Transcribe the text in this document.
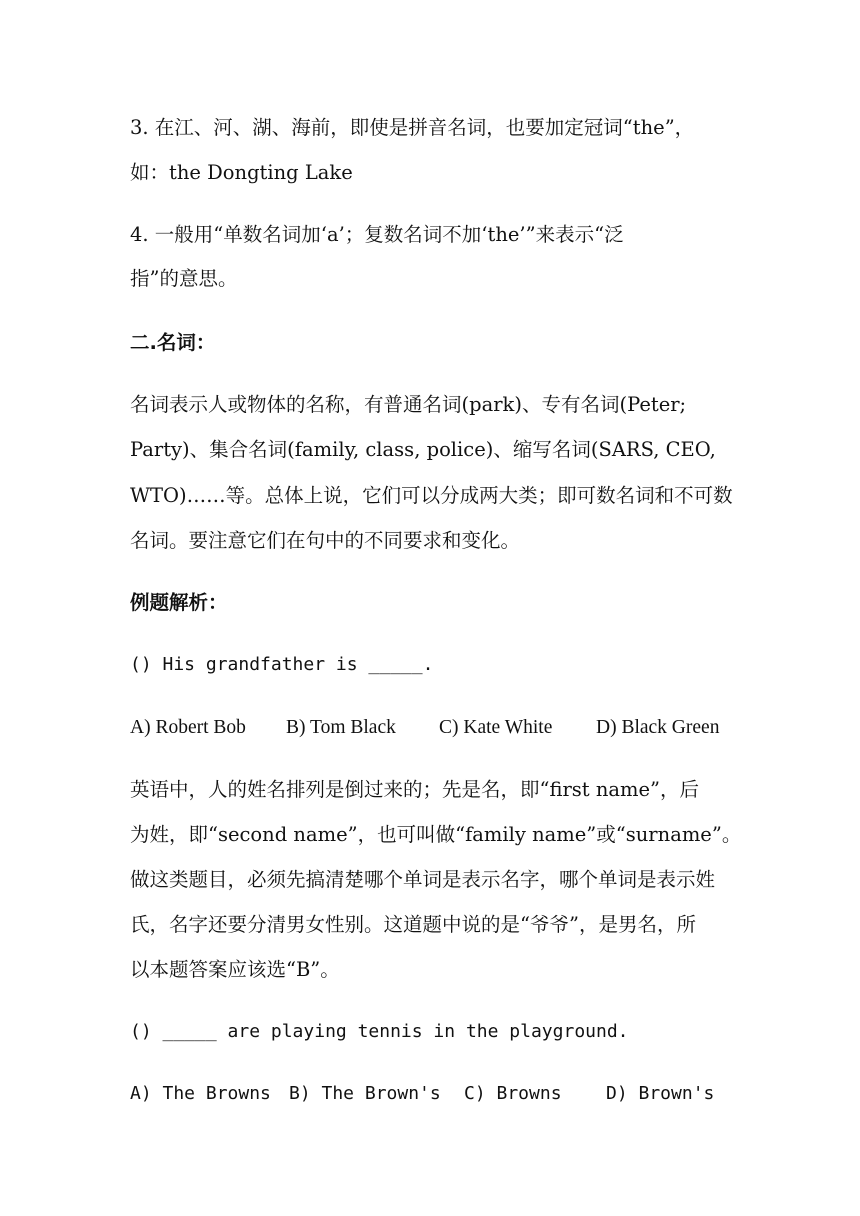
3. 在江、河、湖、海前，即使是拼音名词，也要加定冠词“the”，
如：the Dongting Lake
4. 一般用“单数名词加‘a’；复数名词不加‘the’”来表示“泛
指”的意思。
二.名词：
名词表示人或物体的名称，有普通名词(park)、专有名词(Peter;
Party)、集合名词(family, class, police)、缩写名词(SARS, CEO,
WTO)……等。总体上说，它们可以分成两大类；即可数名词和不可数
名词。要注意它们在句中的不同要求和变化。
例题解析：
() His grandfather is _____.
A) Robert Bob B) Tom Black C) Kate White D) Black Green
英语中，人的姓名排列是倒过来的；先是名，即“first name”，后
为姓，即“second name”，也可叫做“family name”或“surname”。
做这类题目，必须先搞清楚哪个单词是表示名字，哪个单词是表示姓
氏，名字还要分清男女性别。这道题中说的是“爷爷”，是男名，所
以本题答案应该选“B”。
() _____ are playing tennis in the playground.
A) The Browns B) The Brown's C) Browns D) Brown's
